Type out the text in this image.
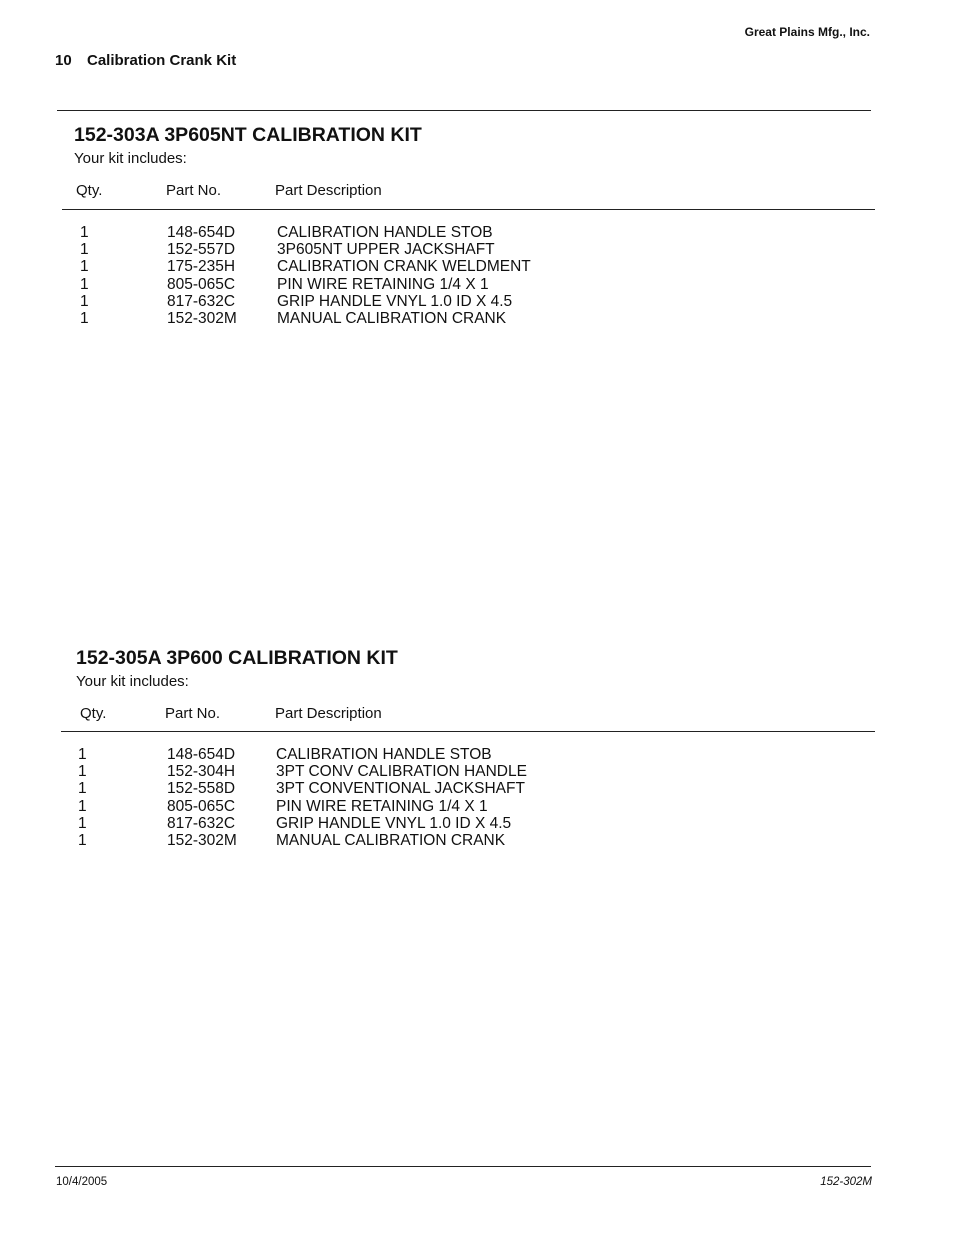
Great Plains Mfg., Inc.
10 Calibration Crank Kit
152-303A 3P605NT CALIBRATION KIT
Your kit includes:
Qty.	Part No.	Part Description
1	148-654D	CALIBRATION HANDLE STOB
1	152-557D	3P605NT UPPER JACKSHAFT
1	175-235H	CALIBRATION CRANK WELDMENT
1	805-065C	PIN WIRE RETAINING 1/4 X 1
1	817-632C	GRIP HANDLE VNYL 1.0 ID X 4.5
1	152-302M	MANUAL CALIBRATION CRANK
152-305A 3P600 CALIBRATION KIT
Your kit includes:
Qty.	Part No.	Part Description
1	148-654D	CALIBRATION HANDLE STOB
1	152-304H	3PT CONV CALIBRATION HANDLE
1	152-558D	3PT CONVENTIONAL JACKSHAFT
1	805-065C	PIN WIRE RETAINING 1/4 X 1
1	817-632C	GRIP HANDLE VNYL 1.0 ID X 4.5
1	152-302M	MANUAL CALIBRATION CRANK
10/4/2005	152-302M
